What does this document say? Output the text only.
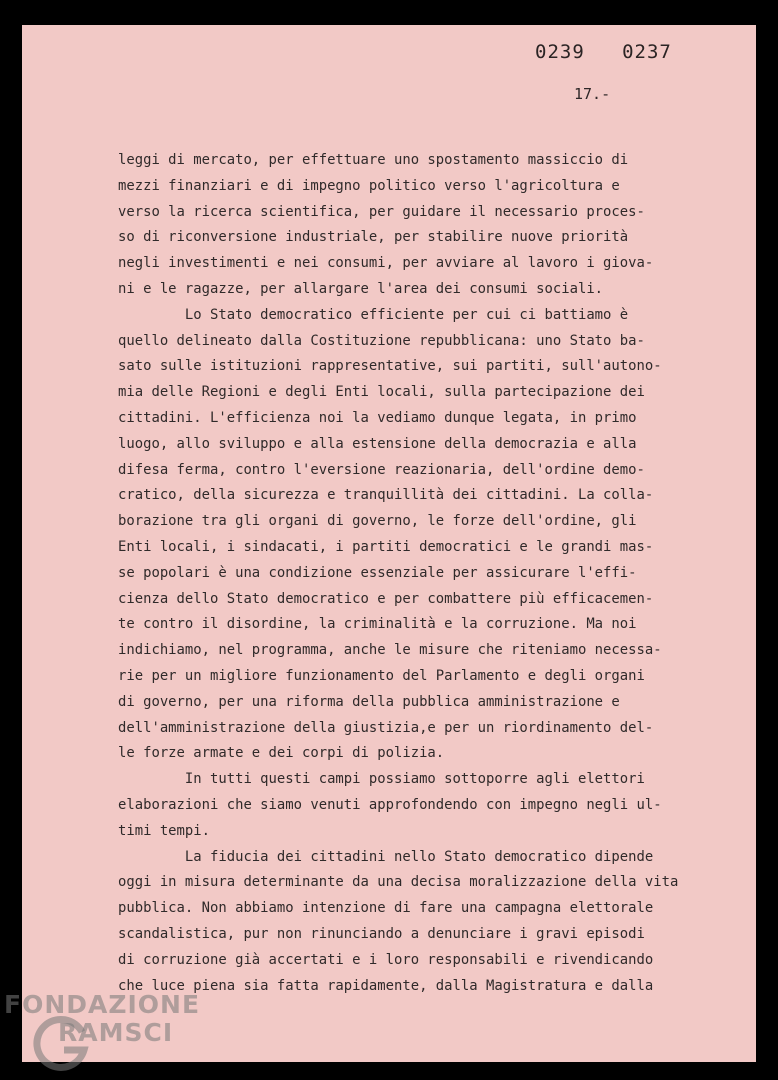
0239 0237
17.-
leggi di mercato, per effettuare uno spostamento massiccio di
mezzi finanziari e di impegno politico verso l'agricoltura e
verso la ricerca scientifica, per guidare il necessario proces-
so di riconversione industriale, per stabilire nuove priorità
negli investimenti e nei consumi, per avviare al lavoro i giova-
ni e le ragazze, per allargare l'area dei consumi sociali.
Lo Stato democratico efficiente per cui ci battiamo è
quello delineato dalla Costituzione repubblicana: uno Stato ba-
sato sulle istituzioni rappresentative, sui partiti, sull'autono-
mia delle Regioni e degli Enti locali, sulla partecipazione dei
cittadini. L'efficienza noi la vediamo dunque legata, in primo
luogo, allo sviluppo e alla estensione della democrazia e alla
difesa ferma, contro l'eversione reazionaria, dell'ordine demo-
cratico, della sicurezza e tranquillità dei cittadini. La colla-
borazione tra gli organi di governo, le forze dell'ordine, gli
Enti locali, i sindacati, i partiti democratici e le grandi mas-
se popolari è una condizione essenziale per assicurare l'effi-
cienza dello Stato democratico e per combattere più efficacemen-
te contro il disordine, la criminalità e la corruzione. Ma noi
indichiamo, nel programma, anche le misure che riteniamo necessa-
rie per un migliore funzionamento del Parlamento e degli organi
di governo, per una riforma della pubblica amministrazione e
dell'amministrazione della giustizia,e per un riordinamento del-
le forze armate e dei corpi di polizia.
In tutti questi campi possiamo sottoporre agli elettori
elaborazioni che siamo venuti approfondendo con impegno negli ul-
timi tempi.
La fiducia dei cittadini nello Stato democratico dipende
oggi in misura determinante da una decisa moralizzazione della vita
pubblica. Non abbiamo intenzione di fare una campagna elettorale
scandalistica, pur non rinunciando a denunciare i gravi episodi
di corruzione già accertati e i loro responsabili e rivendicando
che luce piena sia fatta rapidamente, dalla Magistratura e dalla
FONDAZIONE
RAMSCI
